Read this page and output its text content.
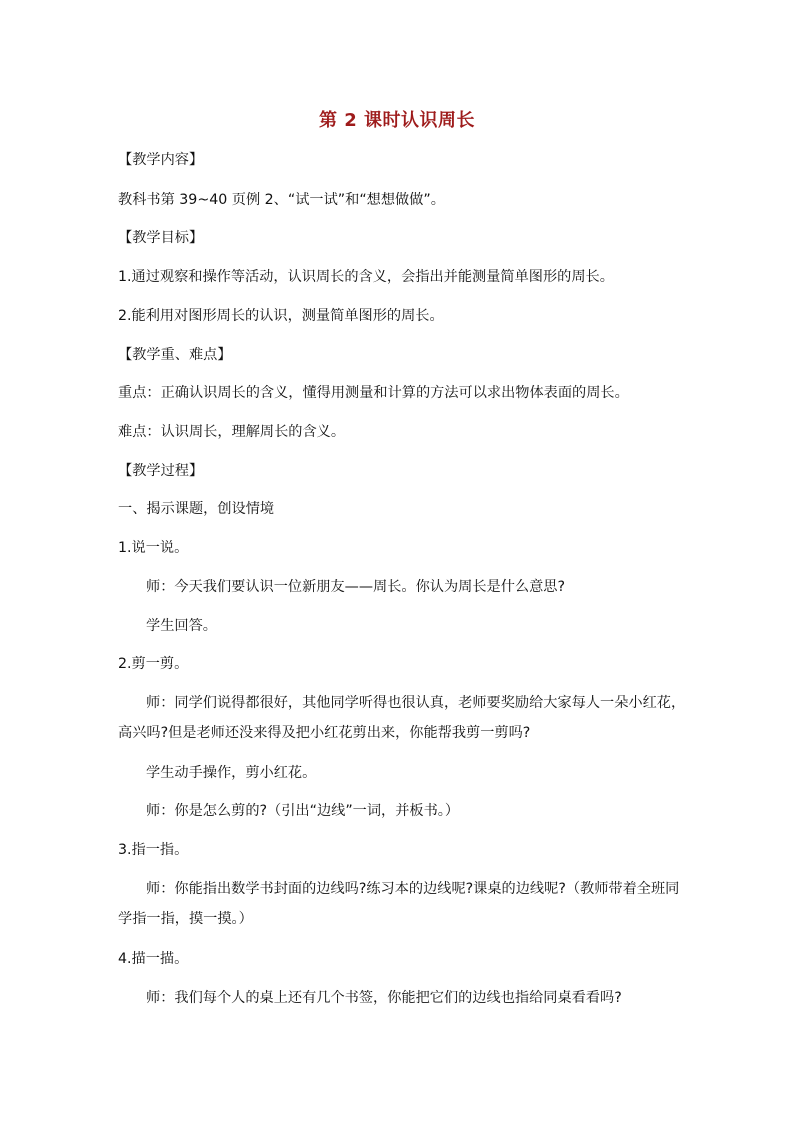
第 2 课时认识周长

【教学内容】

教科书第 39~40 页例 2、“试一试”和“想想做做”。

【教学目标】

1.通过观察和操作等活动，认识周长的含义，会指出并能测量简单图形的周长。

2.能利用对图形周长的认识，测量简单图形的周长。

【教学重、难点】

重点：正确认识周长的含义，懂得用测量和计算的方法可以求出物体表面的周长。

难点：认识周长，理解周长的含义。

【教学过程】

一、揭示课题，创设情境

1.说一说。

师：今天我们要认识一位新朋友——周长。你认为周长是什么意思?

学生回答。

2.剪一剪。

师：同学们说得都很好，其他同学听得也很认真，老师要奖励给大家每人一朵小红花，

高兴吗?但是老师还没来得及把小红花剪出来，你能帮我剪一剪吗?

学生动手操作，剪小红花。

师：你是怎么剪的?（引出“边线”一词，并板书。）

3.指一指。

师：你能指出数学书封面的边线吗?练习本的边线呢?课桌的边线呢?（教师带着全班同

学指一指，摸一摸。）

4.描一描。

师：我们每个人的桌上还有几个书签，你能把它们的边线也指给同桌看看吗?
